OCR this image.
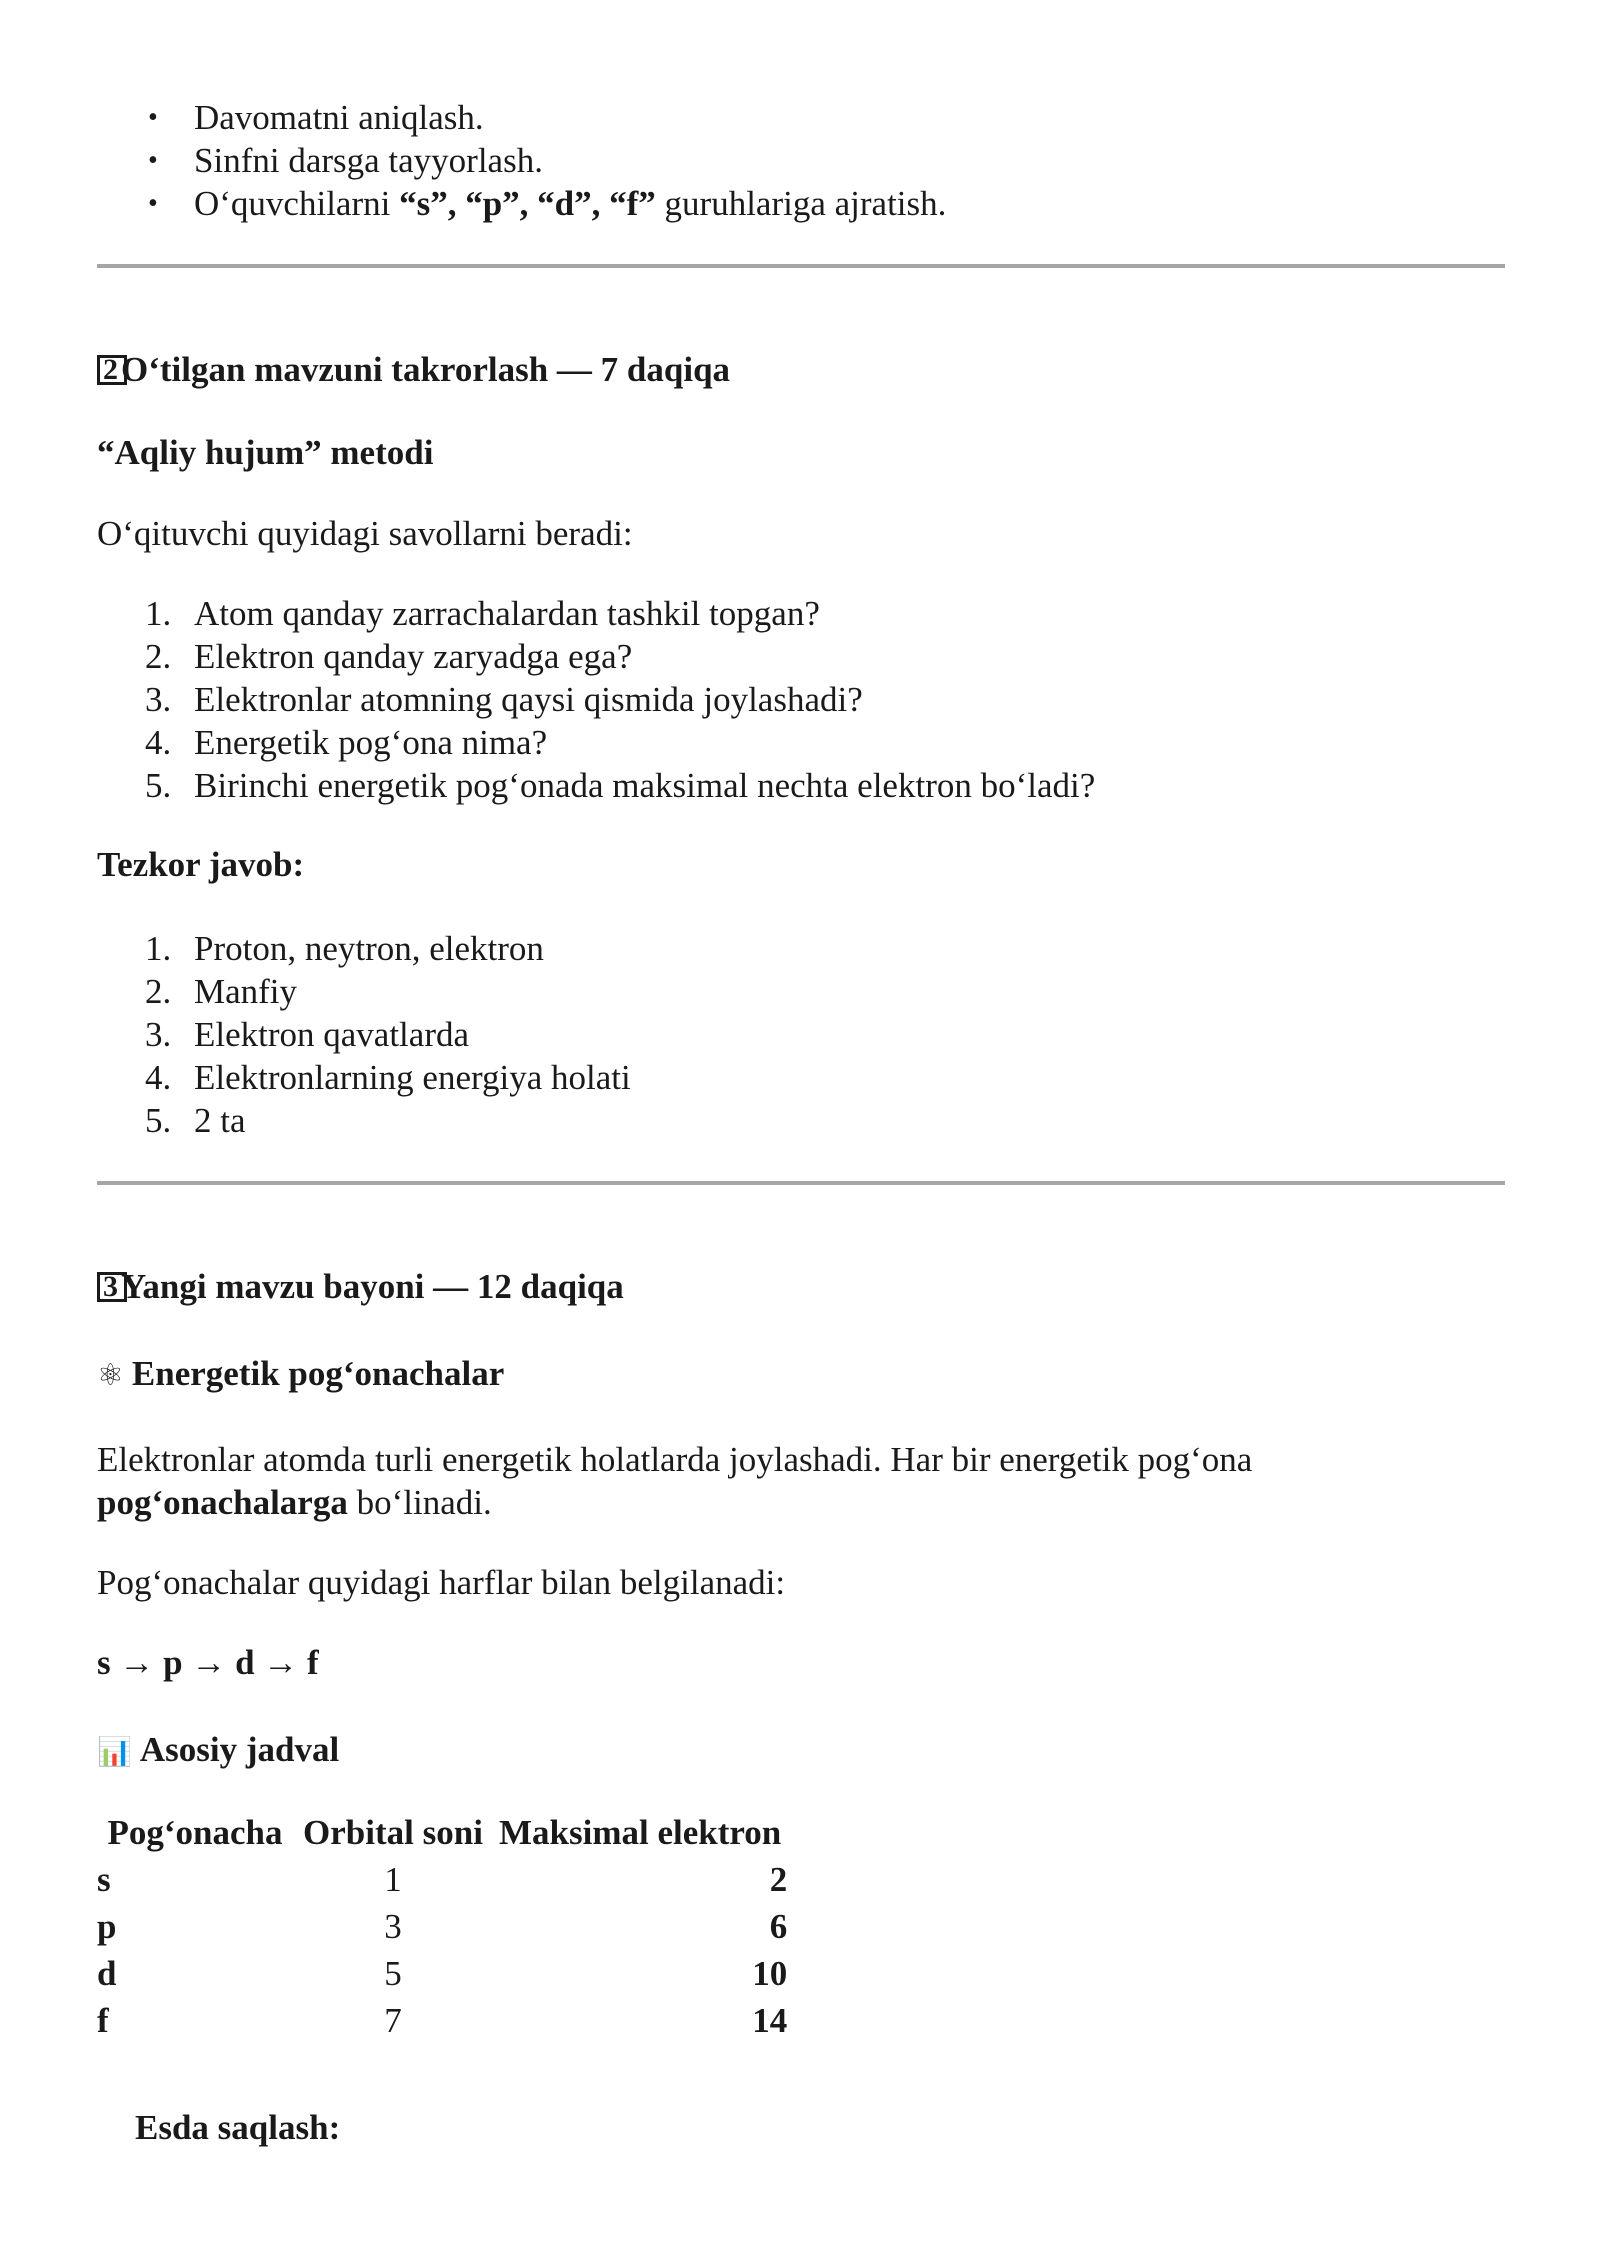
• Davomatni aniqlash.
• Sinfni darsga tayyorlash.
• O‘quvchilarni “s”, “p”, “d”, “f” guruhlariga ajratish.
2 O‘tilgan mavzuni takrorlash — 7 daqiqa
“Aqliy hujum” metodi
O‘qituvchi quyidagi savollarni beradi:
1. Atom qanday zarrachalardan tashkil topgan?
2. Elektron qanday zaryadga ega?
3. Elektronlar atomning qaysi qismida joylashadi?
4. Energetik pog‘ona nima?
5. Birinchi energetik pog‘onada maksimal nechta elektron bo‘ladi?
Tezkor javob:
1. Proton, neytron, elektron
2. Manfiy
3. Elektron qavatlarda
4. Elektronlarning energiya holati
5. 2 ta
3 Yangi mavzu bayoni — 12 daqiqa
⚛ Energetik pog‘onachalar
Elektronlar atomda turli energetik holatlarda joylashadi. Har bir energetik pog‘ona
pog‘onachalarga bo‘linadi.
Pog‘onachalar quyidagi harflar bilan belgilanadi:
s → p → d → f
📊 Asosiy jadval
Pog‘onacha	Orbital soni	Maksimal elektron
s	1	2
p	3	6
d	5	10
f	7	14
Esda saqlash:
